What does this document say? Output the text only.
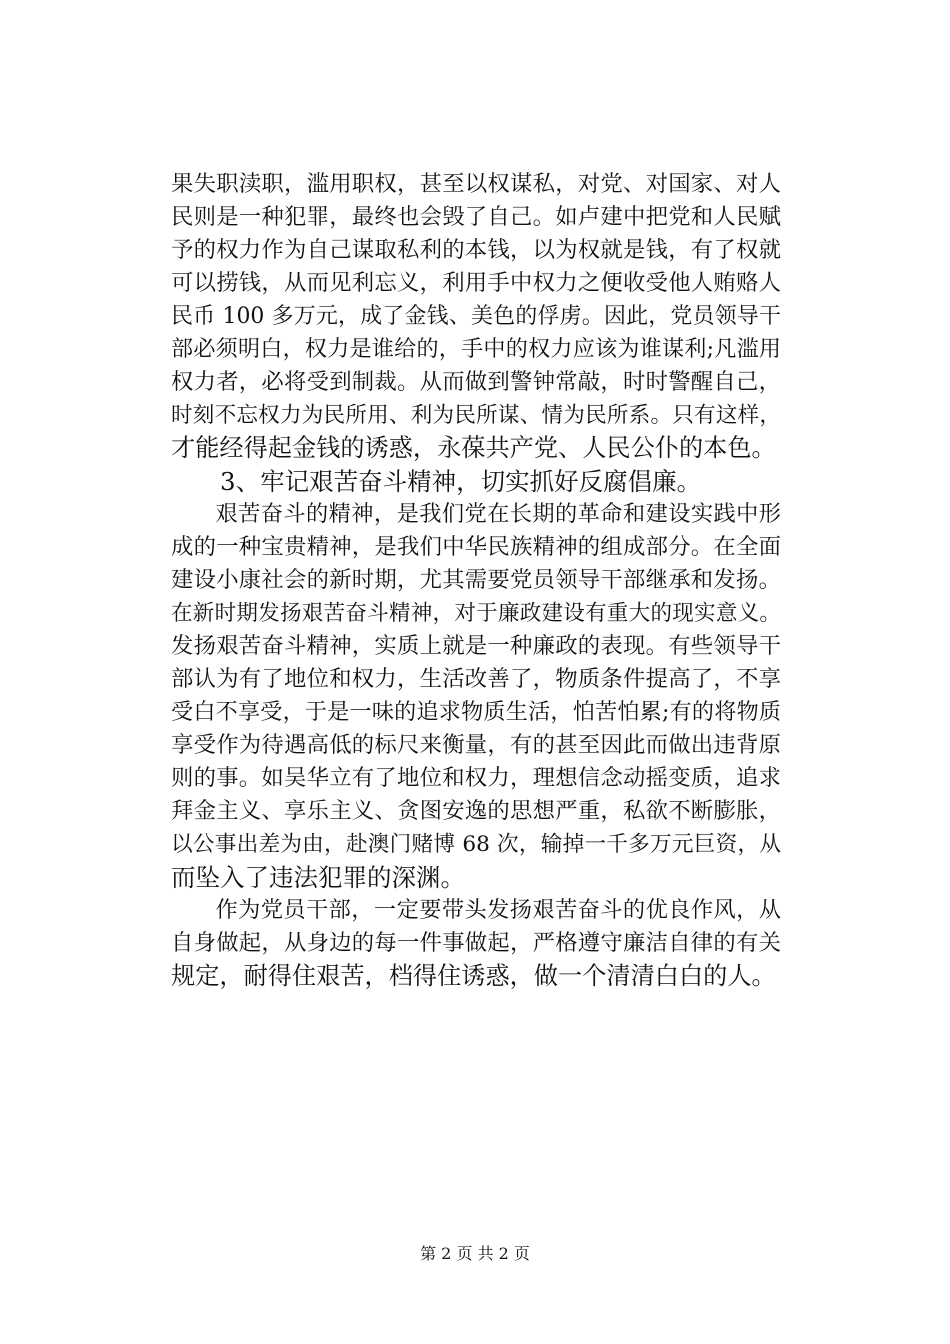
果失职渎职，滥用职权，甚至以权谋私，对党、对国家、对人
民则是一种犯罪，最终也会毁了自己。如卢建中把党和人民赋
予的权力作为自己谋取私利的本钱，以为权就是钱，有了权就
可以捞钱，从而见利忘义，利用手中权力之便收受他人贿赂人
民币 100 多万元，成了金钱、美色的俘虏。因此，党员领导干
部必须明白，权力是谁给的，手中的权力应该为谁谋利;凡滥用
权力者，必将受到制裁。从而做到警钟常敲，时时警醒自己，
时刻不忘权力为民所用、利为民所谋、情为民所系。只有这样，
才能经得起金钱的诱惑，永葆共产党、人民公仆的本色。
3、牢记艰苦奋斗精神，切实抓好反腐倡廉。
艰苦奋斗的精神，是我们党在长期的革命和建设实践中形
成的一种宝贵精神，是我们中华民族精神的组成部分。在全面
建设小康社会的新时期，尤其需要党员领导干部继承和发扬。
在新时期发扬艰苦奋斗精神，对于廉政建设有重大的现实意义。
发扬艰苦奋斗精神，实质上就是一种廉政的表现。有些领导干
部认为有了地位和权力，生活改善了，物质条件提高了，不享
受白不享受，于是一味的追求物质生活，怕苦怕累;有的将物质
享受作为待遇高低的标尺来衡量，有的甚至因此而做出违背原
则的事。如吴华立有了地位和权力，理想信念动摇变质，追求
拜金主义、享乐主义、贪图安逸的思想严重，私欲不断膨胀，
以公事出差为由，赴澳门赌博 68 次，输掉一千多万元巨资，从
而坠入了违法犯罪的深渊。
作为党员干部，一定要带头发扬艰苦奋斗的优良作风，从
自身做起，从身边的每一件事做起，严格遵守廉洁自律的有关
规定，耐得住艰苦，档得住诱惑，做一个清清白白的人。
第 2 页 共 2 页
